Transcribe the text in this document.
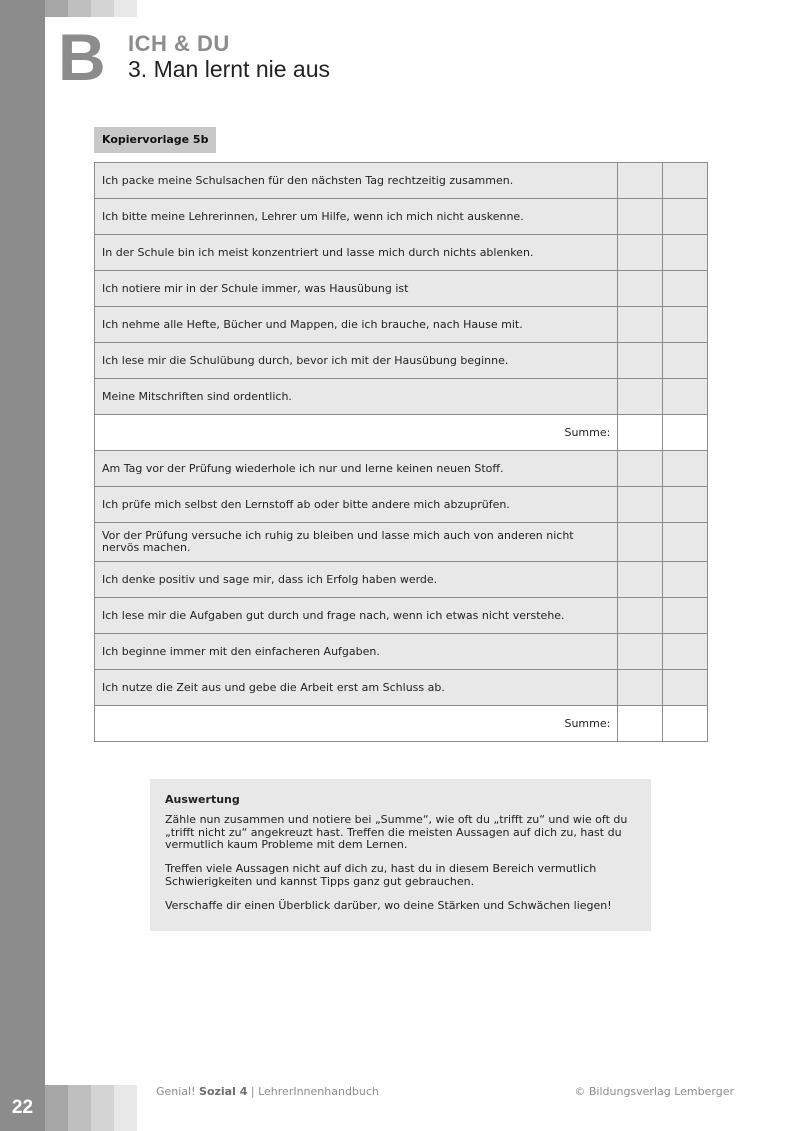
B ICH & DU
3. Man lernt nie aus
Kopiervorlage 5b
Ich packe meine Schulsachen für den nächsten Tag rechtzeitig zusammen.		
Ich bitte meine Lehrerinnen, Lehrer um Hilfe, wenn ich mich nicht auskenne.		
In der Schule bin ich meist konzentriert und lasse mich durch nichts ablenken.		
Ich notiere mir in der Schule immer, was Hausübung ist		
Ich nehme alle Hefte, Bücher und Mappen, die ich brauche, nach Hause mit.		
Ich lese mir die Schulübung durch, bevor ich mit der Hausübung beginne.		
Meine Mitschriften sind ordentlich.		
Summe:		
Am Tag vor der Prüfung wiederhole ich nur und lerne keinen neuen Stoff.		
Ich prüfe mich selbst den Lernstoff ab oder bitte andere mich abzuprüfen.		
Vor der Prüfung versuche ich ruhig zu bleiben und lasse mich auch von anderen nicht nervös machen.		
Ich denke positiv und sage mir, dass ich Erfolg haben werde.		
Ich lese mir die Aufgaben gut durch und frage nach, wenn ich etwas nicht verstehe.		
Ich beginne immer mit den einfacheren Aufgaben.		
Ich nutze die Zeit aus und gebe die Arbeit erst am Schluss ab.		
Summe:		
Auswertung

Zähle nun zusammen und notiere bei „Summe“, wie oft du „trifft zu“ und wie oft du „trifft nicht zu“ angekreuzt hast. Treffen die meisten Aussagen auf dich zu, hast du vermutlich kaum Probleme mit dem Lernen.

Treffen viele Aussagen nicht auf dich zu, hast du in diesem Bereich vermutlich Schwierigkeiten und kannst Tipps ganz gut gebrauchen.

Verschaffe dir einen Überblick darüber, wo deine Stärken und Schwächen liegen!

22
Genial! Sozial 4 | LehrerInnenhandbuch	© Bildungsverlag Lemberger
